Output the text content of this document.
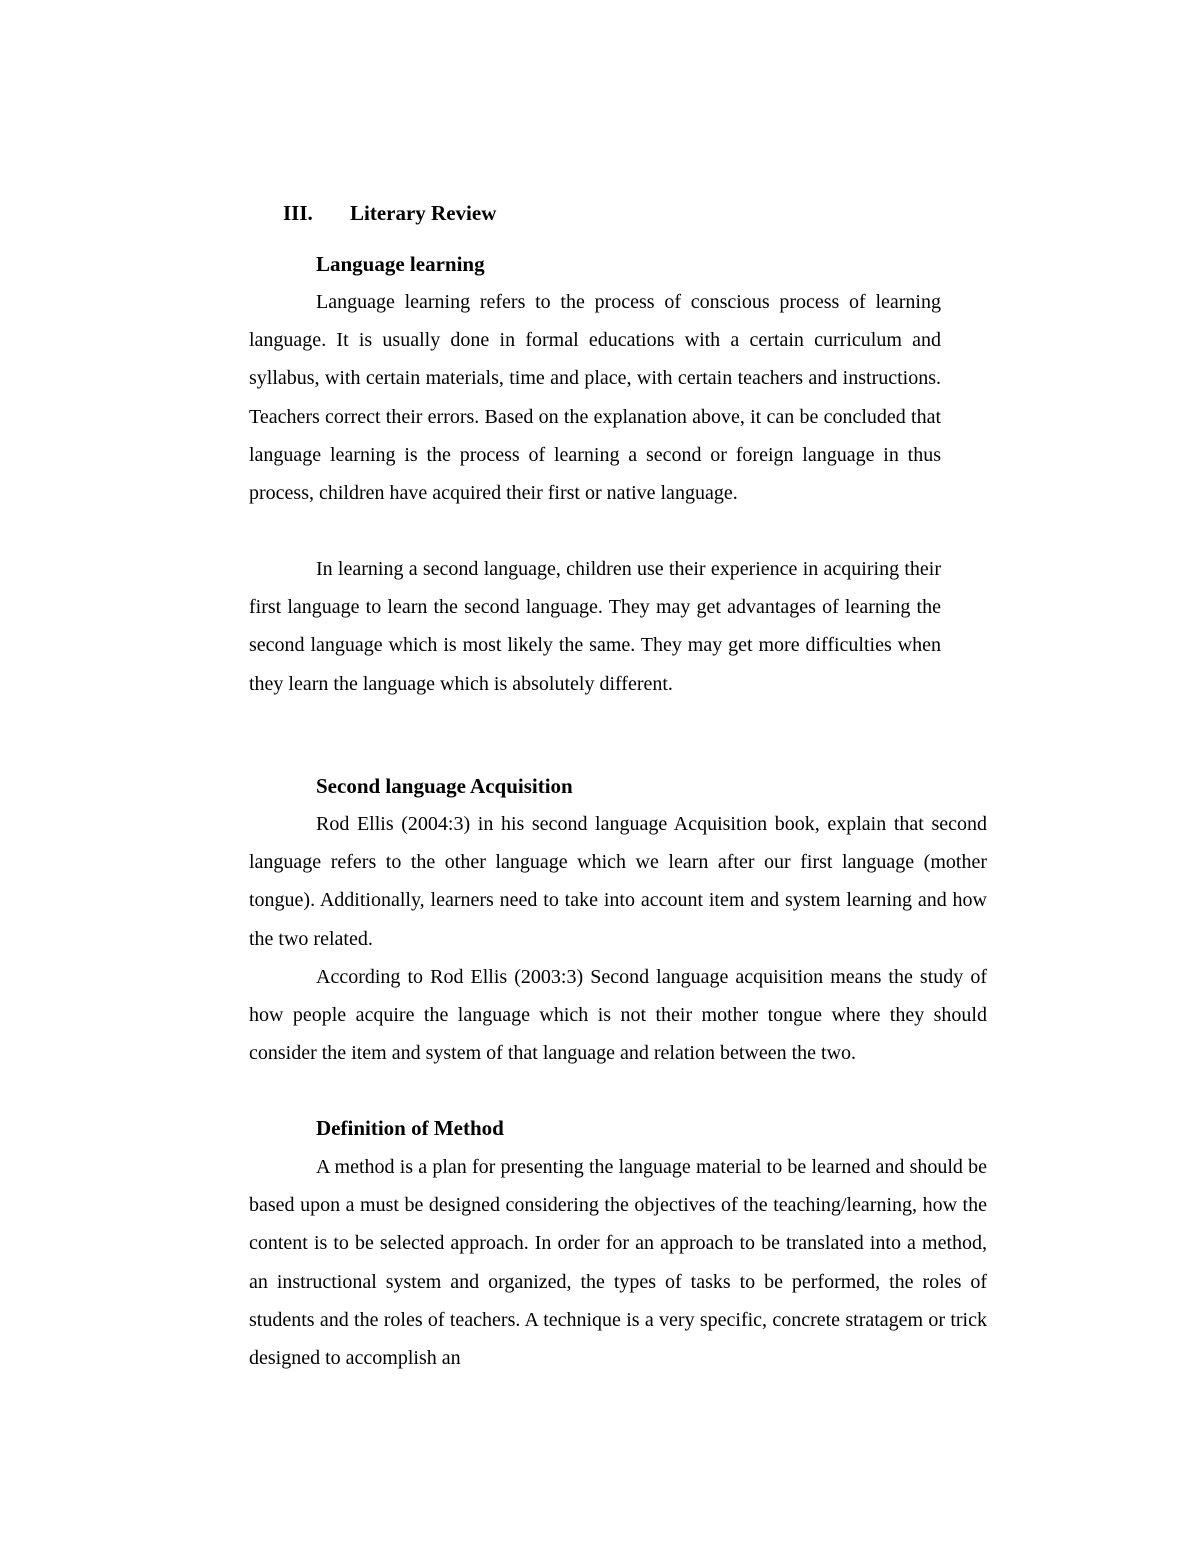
III. Literary Review
Language learning

Language learning refers to the process of conscious process of learning language. It is usually done in formal educations with a certain curriculum and syllabus, with certain materials, time and place, with certain teachers and instructions. Teachers correct their errors. Based on the explanation above, it can be concluded that language learning is the process of learning a second or foreign language in thus process, children have acquired their first or native language.

In learning a second language, children use their experience in acquiring their first language to learn the second language. They may get advantages of learning the second language which is most likely the same. They may get more difficulties when they learn the language which is absolutely different.

Second language Acquisition

Rod Ellis (2004:3) in his second language Acquisition book, explain that second language refers to the other language which we learn after our first language (mother tongue). Additionally, learners need to take into account item and system learning and how the two related.

According to Rod Ellis (2003:3) Second language acquisition means the study of how people acquire the language which is not their mother tongue where they should consider the item and system of that language and relation between the two.

Definition of Method

A method is a plan for presenting the language material to be learned and should be based upon a must be designed considering the objectives of the teaching/learning, how the content is to be selected approach. In order for an approach to be translated into a method, an instructional system and organized, the types of tasks to be performed, the roles of students and the roles of teachers. A technique is a very specific, concrete stratagem or trick designed to accomplish an
